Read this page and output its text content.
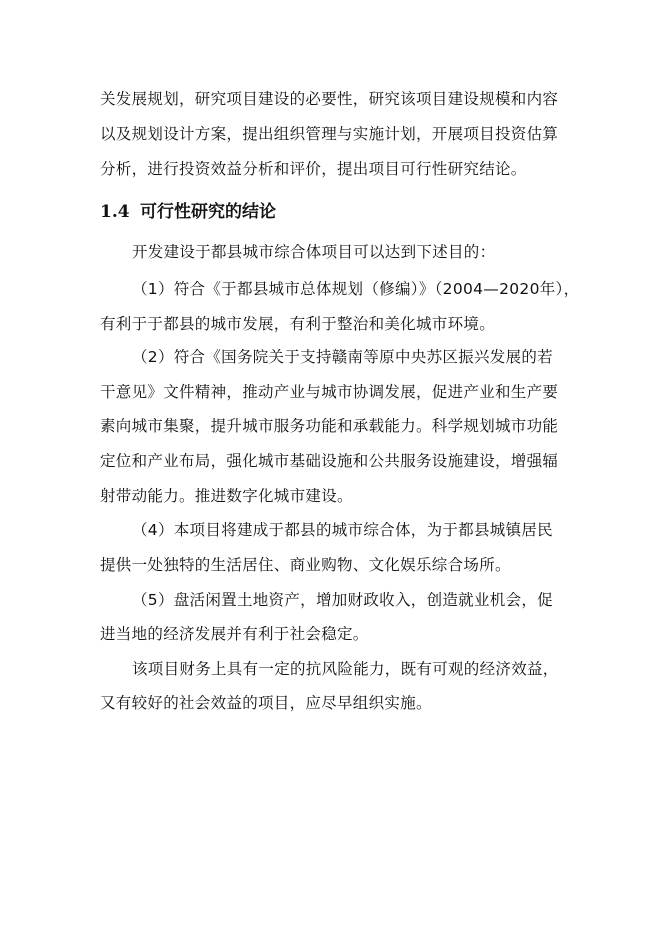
关发展规划，研究项目建设的必要性，研究该项目建设规模和内容
以及规划设计方案，提出组织管理与实施计划，开展项目投资估算
分析，进行投资效益分析和评价，提出项目可行性研究结论。
1.4 可行性研究的结论
开发建设于都县城市综合体项目可以达到下述目的：
（1）符合《于都县城市总体规划（修编）》（2004—2020年），
有利于于都县的城市发展，有利于整治和美化城市环境。
（2）符合《国务院关于支持赣南等原中央苏区振兴发展的若
干意见》文件精神，推动产业与城市协调发展，促进产业和生产要
素向城市集聚，提升城市服务功能和承载能力。科学规划城市功能
定位和产业布局，强化城市基础设施和公共服务设施建设，增强辐
射带动能力。推进数字化城市建设。
（4）本项目将建成于都县的城市综合体，为于都县城镇居民
提供一处独特的生活居住、商业购物、文化娱乐综合场所。
（5）盘活闲置土地资产，增加财政收入，创造就业机会，促
进当地的经济发展并有利于社会稳定。
该项目财务上具有一定的抗风险能力，既有可观的经济效益，
又有较好的社会效益的项目，应尽早组织实施。
